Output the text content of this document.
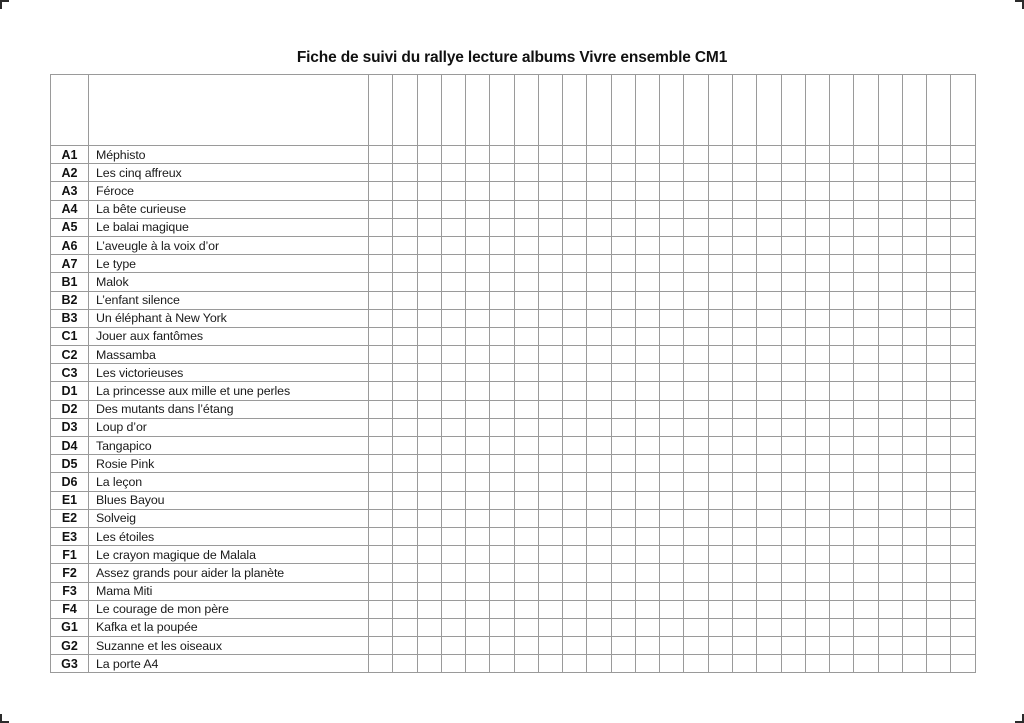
Fiche de suivi du rallye lecture albums Vivre ensemble CM1

A1	Méphisto																									
A2	Les cinq affreux																									
A3	Féroce																									
A4	La bête curieuse																									
A5	Le balai magique																									
A6	L’aveugle à la voix d’or																									
A7	Le type																									
B1	Malok																									
B2	L’enfant silence																									
B3	Un éléphant à New York																									
C1	Jouer aux fantômes																									
C2	Massamba																									
C3	Les victorieuses																									
D1	La princesse aux mille et une perles																									
D2	Des mutants dans l’étang																									
D3	Loup d’or																									
D4	Tangapico																									
D5	Rosie Pink																									
D6	La leçon																									
E1	Blues Bayou																									
E2	Solveig																									
E3	Les étoiles																									
F1	Le crayon magique de Malala																									
F2	Assez grands pour aider la planète																									
F3	Mama Miti																									
F4	Le courage de mon père																									
G1	Kafka et la poupée																									
G2	Suzanne et les oiseaux																									
G3	La porte A4																									
